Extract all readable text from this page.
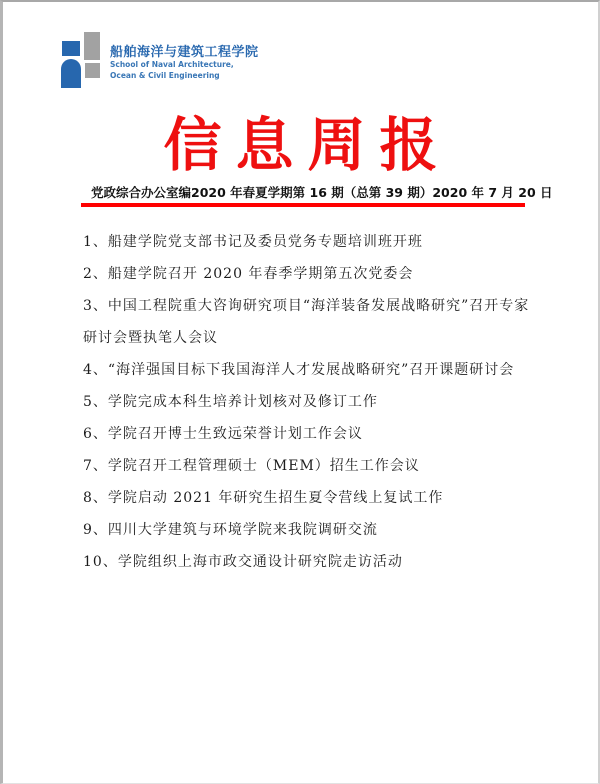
船舶海洋与建筑工程学院
School of Naval Architecture,
Ocean & Civil Engineering
信息周报
党政综合办公室编 2020 年春夏学期第 16 期（总第 39 期） 2020 年 7 月 20 日
1、船建学院党支部书记及委员党务专题培训班开班
2、船建学院召开 2020 年春季学期第五次党委会
3、中国工程院重大咨询研究项目“海洋装备发展战略研究”召开专家研讨会暨执笔人会议
4、“海洋强国目标下我国海洋人才发展战略研究”召开课题研讨会
5、学院完成本科生培养计划核对及修订工作
6、学院召开博士生致远荣誉计划工作会议
7、学院召开工程管理硕士（MEM）招生工作会议
8、学院启动 2021 年研究生招生夏令营线上复试工作
9、四川大学建筑与环境学院来我院调研交流
10、学院组织上海市政交通设计研究院走访活动
